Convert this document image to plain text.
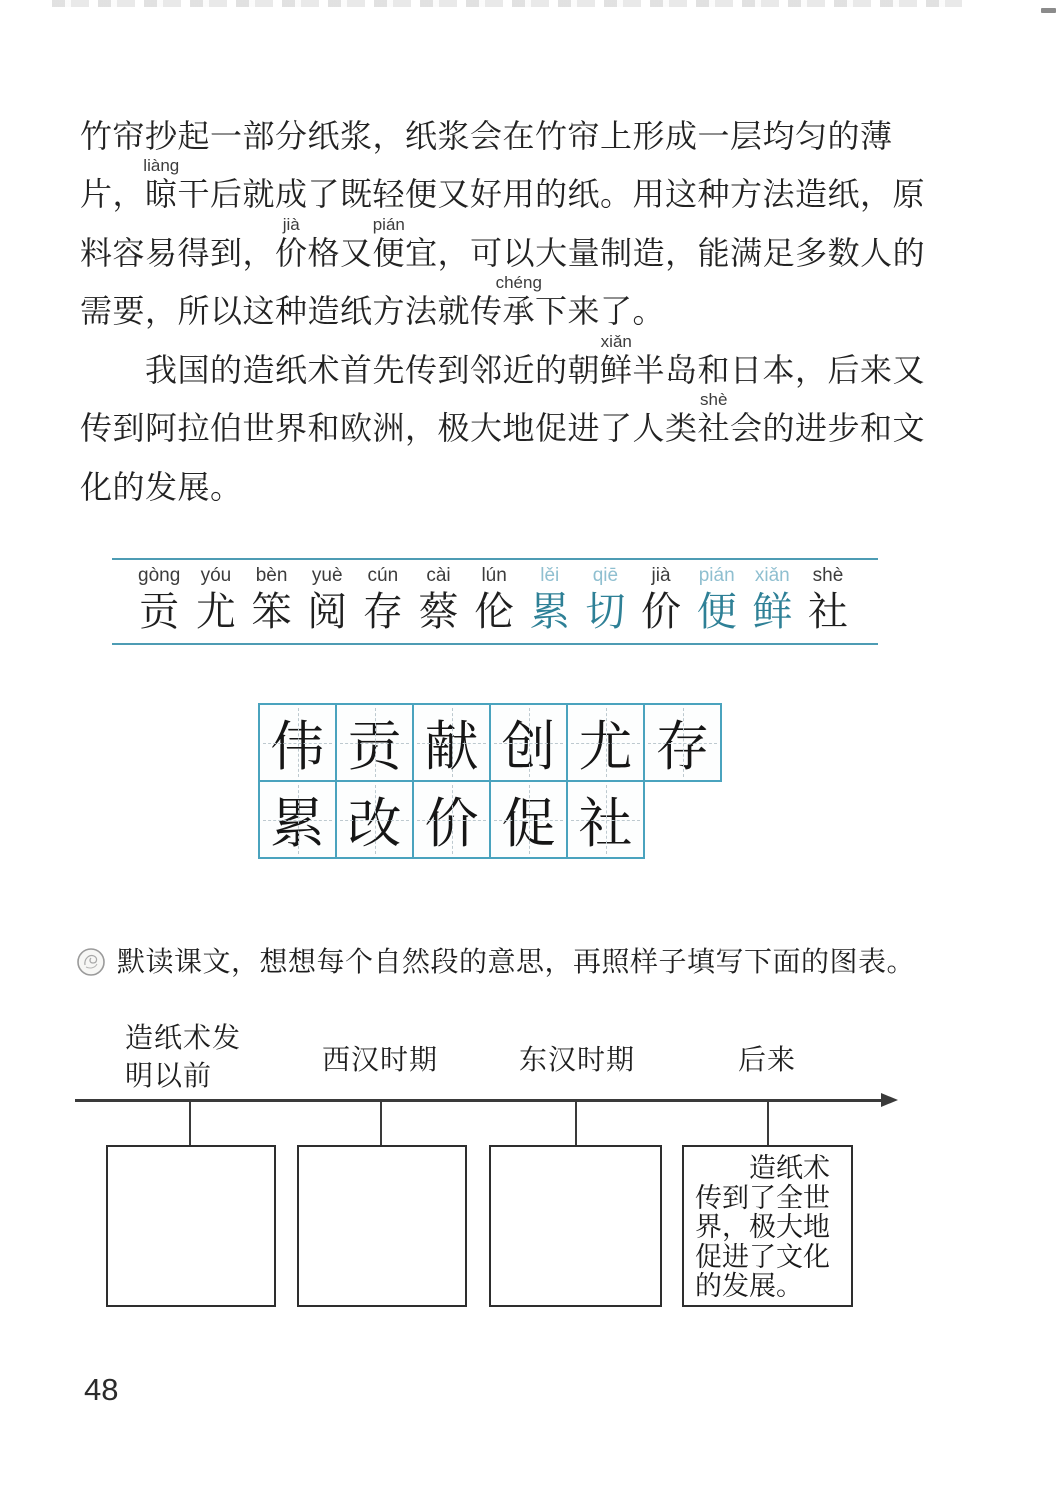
竹帘抄起一部分纸浆，纸浆会在竹帘上形成一层均匀的薄
片， 晾
liàng
干后就成了既轻便又好用的纸。用这种方法造纸，原
料容易得到， 价
jià
格又 便
pián
宜，可以大量制造，能满足多数人的
需要，所以这种造纸方法就传 承
chéng
下来了。
我国的造纸术首先传到邻近的朝 鲜
xiǎn
半岛和日本，后来又
传到阿拉伯世界和欧洲，极大地促进了人类 社
shè
会的进步和文
化的发展。
gòng
贡
yóu
尤
bèn
笨
yuè
阅
cún
存
cài
蔡
lún
伦
lěi
累
qiē
切
jià
价
pián
便
xiǎn
鲜
shè
社
伟 贡 献 创 尤 存
累 改 价 促 社
默读课文，想想每个自然段的意思，再照样子填写下面的图表。
造纸术发
明以前
西汉时期	东汉时期	后来
造纸术
传到了全世
界，极大地
促进了文化
的发展。
48
